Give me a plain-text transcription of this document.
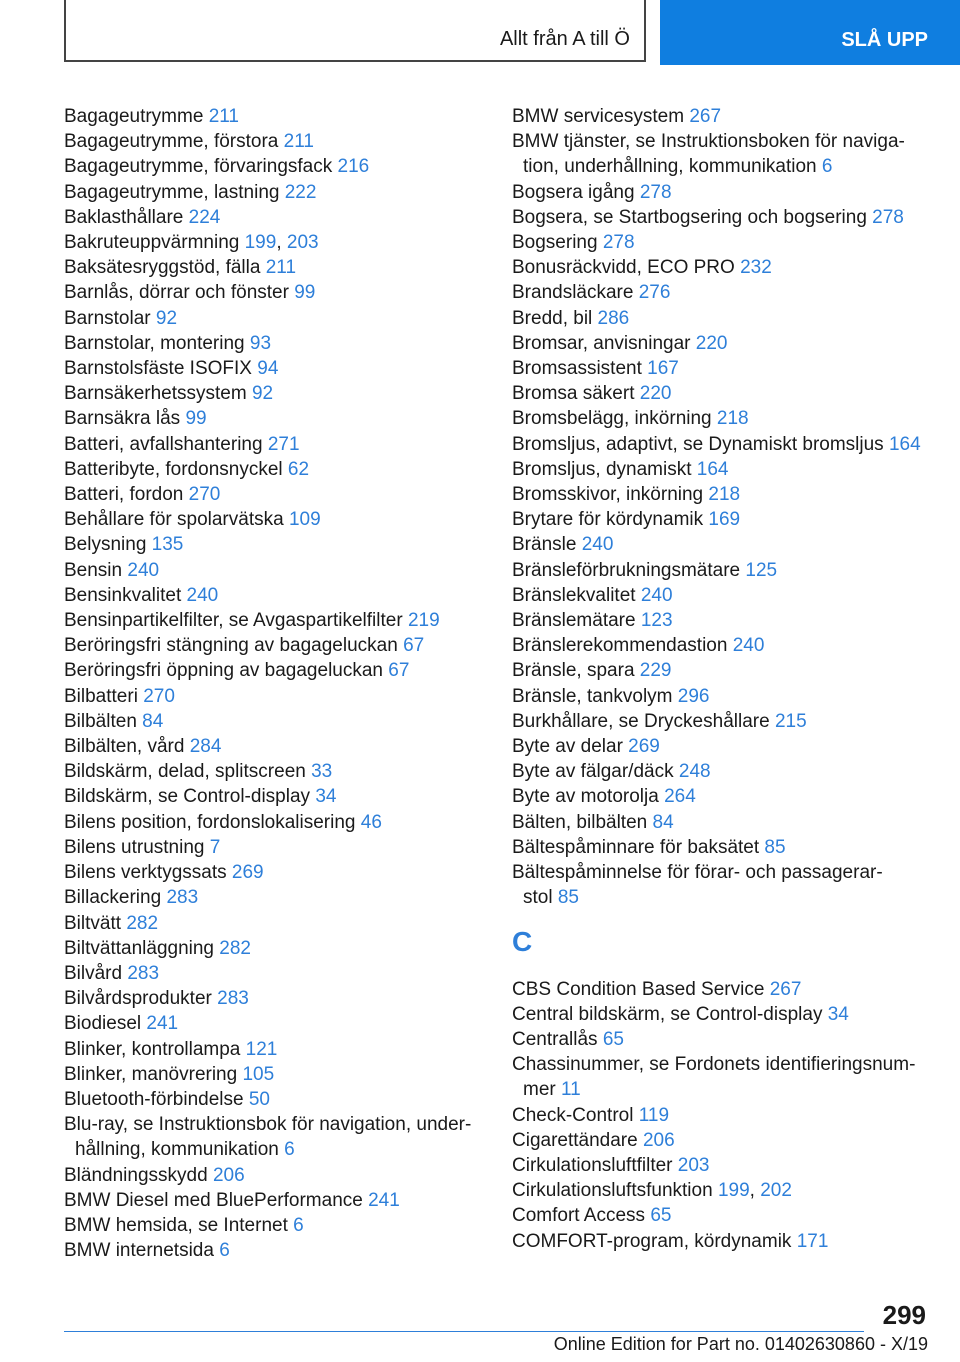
Allt från A till Ö	SLÅ UPP
Bagageutrymme 211
Bagageutrymme, förstora 211
Bagageutrymme, förvaringsfack 216
Bagageutrymme, lastning 222
Baklasthållare 224
Bakruteuppvärmning 199, 203
Baksätesryggstöd, fälla 211
Barnlås, dörrar och fönster 99
Barnstolar 92
Barnstolar, montering 93
Barnstolsfäste ISOFIX 94
Barnsäkerhetssystem 92
Barnsäkra lås 99
Batteri, avfallshantering 271
Batteribyte, fordonsnyckel 62
Batteri, fordon 270
Behållare för spolarvätska 109
Belysning 135
Bensin 240
Bensinkvalitet 240
Bensinpartikelfilter, se Avgaspartikelfilter 219
Beröringsfri stängning av bagageluckan 67
Beröringsfri öppning av bagageluckan 67
Bilbatteri 270
Bilbälten 84
Bilbälten, vård 284
Bildskärm, delad, splitscreen 33
Bildskärm, se Control-display 34
Bilens position, fordonslokalisering 46
Bilens utrustning 7
Bilens verktygssats 269
Billackering 283
Biltvätt 282
Biltvättanläggning 282
Bilvård 283
Bilvårdsprodukter 283
Biodiesel 241
Blinker, kontrollampa 121
Blinker, manövrering 105
Bluetooth-förbindelse 50
Blu-ray, se Instruktionsbok för navigation, under-
hållning, kommunikation 6
Bländningsskydd 206
BMW Diesel med BluePerformance 241
BMW hemsida, se Internet 6
BMW internetsida 6
BMW servicesystem 267
BMW tjänster, se Instruktionsboken för naviga-
tion, underhållning, kommunikation 6
Bogsera igång 278
Bogsera, se Startbogsering och bogsering 278
Bogsering 278
Bonusräckvidd, ECO PRO 232
Brandsläckare 276
Bredd, bil 286
Bromsar, anvisningar 220
Bromsassistent 167
Bromsa säkert 220
Bromsbelägg, inkörning 218
Bromsljus, adaptivt, se Dynamiskt bromsljus 164
Bromsljus, dynamiskt 164
Bromsskivor, inkörning 218
Brytare för kördynamik 169
Bränsle 240
Bränsleförbrukningsmätare 125
Bränslekvalitet 240
Bränslemätare 123
Bränslerekommendastion 240
Bränsle, spara 229
Bränsle, tankvolym 296
Burkhållare, se Dryckeshållare 215
Byte av delar 269
Byte av fälgar/däck 248
Byte av motorolja 264
Bälten, bilbälten 84
Bältespåminnare för baksätet 85
Bältespåminnelse för förar- och passagerar-
stol 85
C
CBS Condition Based Service 267
Central bildskärm, se Control-display 34
Centrallås 65
Chassinummer, se Fordonets identifieringsnum-
mer 11
Check-Control 119
Cigarettändare 206
Cirkulationsluftfilter 203
Cirkulationsluftsfunktion 199, 202
Comfort Access 65
COMFORT-program, kördynamik 171
299
Online Edition for Part no. 01402630860 - X/19
